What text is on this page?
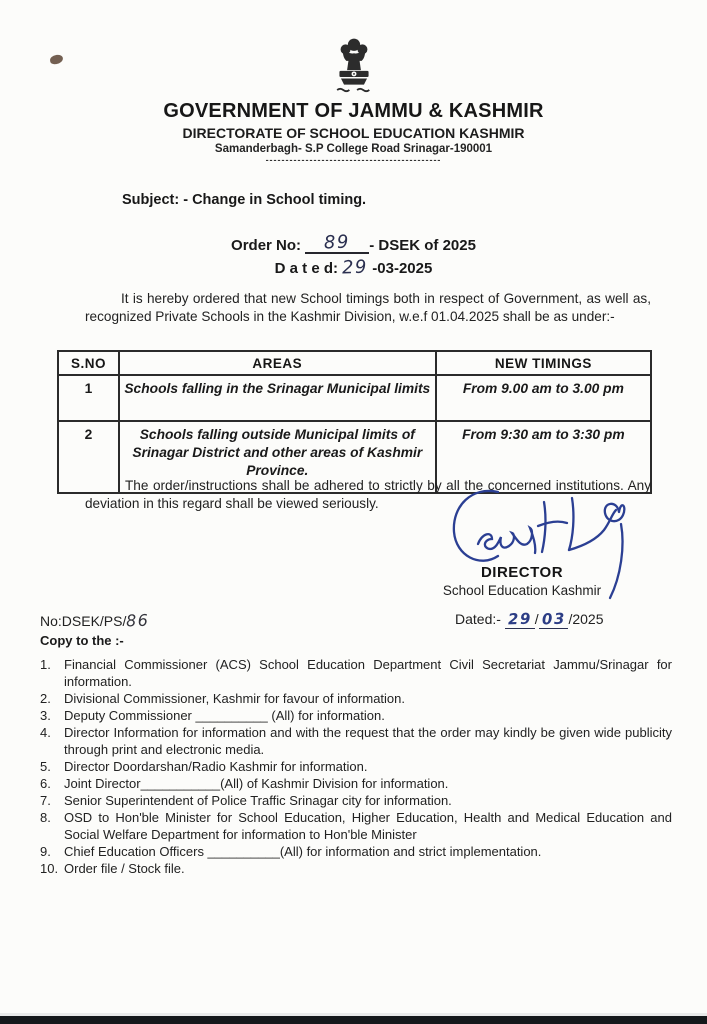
GOVERNMENT OF JAMMU & KASHMIR
DIRECTORATE OF SCHOOL EDUCATION KASHMIR
Samanderbagh- S.P College Road Srinagar-190001
--------------------------------------------
Subject: - Change in School timing.
Order No: 89 - DSEK of 2025
D a t e d: 29 -03-2025
It is hereby ordered that new School timings both in respect of Government, as well as, recognized Private Schools in the Kashmir Division, w.e.f 01.04.2025 shall be as under:-
S.NO	AREAS	NEW TIMINGS
1	Schools falling in the Srinagar Municipal limits	From 9.00 am to 3.00 pm
2	Schools falling outside Municipal limits of Srinagar District and other areas of Kashmir Province.	From 9:30 am to 3:30 pm
The order/instructions shall be adhered to strictly by all the concerned institutions. Any deviation in this regard shall be viewed seriously.
DIRECTOR
School Education Kashmir
No:DSEK/PS/86	Dated:- 29 / 03 /2025
Copy to the :-
1.	Financial Commissioner (ACS) School Education Department Civil Secretariat Jammu/Srinagar for information.
2.	Divisional Commissioner, Kashmir for favour of information.
3.	Deputy Commissioner __________ (All) for information.
4.	Director Information for information and with the request that the order may kindly be given wide publicity through print and electronic media.
5.	Director Doordarshan/Radio Kashmir for information.
6.	Joint Director___________(All) of Kashmir Division for information.
7.	Senior Superintendent of Police Traffic Srinagar city for information.
8.	OSD to Hon'ble Minister for School Education, Higher Education, Health and Medical Education and Social Welfare Department for information to Hon'ble Minister
9.	Chief Education Officers __________(All) for information and strict implementation.
10. Order file / Stock file.
